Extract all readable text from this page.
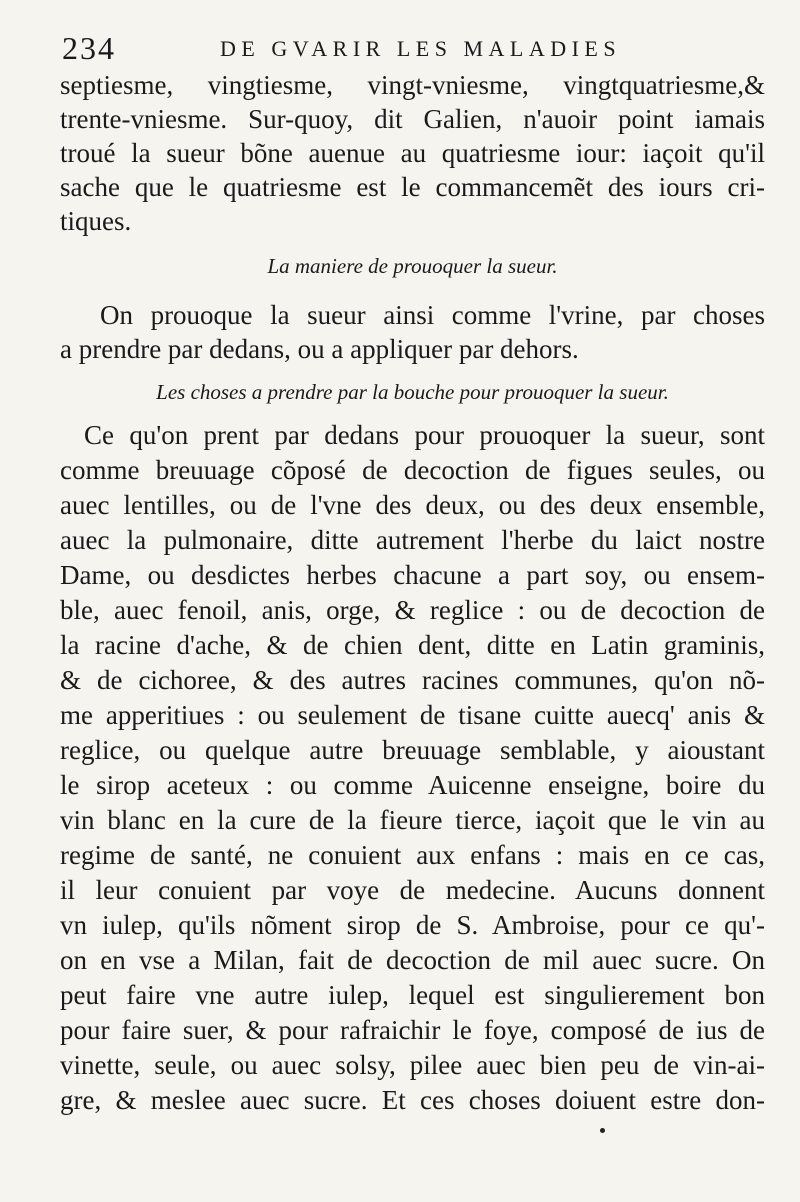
234	DE GVARIR LES MALADIES
septiesme, vingtiesme, vingt-vniesme, vingtquatriesme,&
trente-vniesme. Sur-quoy, dit Galien, n'auoir point iamais
troué la sueur bõne auenue au quatriesme iour: iaçoit qu'il
sache que le quatriesme est le commancemẽt des iours cri-
tiques.
La maniere de prouoquer la sueur.
On prouoque la sueur ainsi comme l'vrine, par choses
a prendre par dedans, ou a appliquer par dehors.
Les choses a prendre par la bouche pour prouoquer la sueur.
Ce qu'on prent par dedans pour prouoquer la sueur, sont
comme breuuage cõposé de decoction de figues seules, ou
auec lentilles, ou de l'vne des deux, ou des deux ensemble,
auec la pulmonaire, ditte autrement l'herbe du laict nostre
Dame, ou desdictes herbes chacune a part soy, ou ensem-
ble, auec fenoil, anis, orge, & reglice : ou de decoction de
la racine d'ache, & de chien dent, ditte en Latin graminis,
& de cichoree, & des autres racines communes, qu'on nõ-
me apperitiues : ou seulement de tisane cuitte auecq' anis &
reglice, ou quelque autre breuuage semblable, y aioustant
le sirop aceteux : ou comme Auicenne enseigne, boire du
vin blanc en la cure de la fieure tierce, iaçoit que le vin au
regime de santé, ne conuient aux enfans : mais en ce cas,
il leur conuient par voye de medecine. Aucuns donnent
vn iulep, qu'ils nõment sirop de S. Ambroise, pour ce qu'-
on en vse a Milan, fait de decoction de mil auec sucre. On
peut faire vne autre iulep, lequel est singulierement bon
pour faire suer, & pour rafraichir le foye, composé de ius de
vinette, seule, ou auec solsy, pilee auec bien peu de vin-ai-
gre, & meslee auec sucre. Et ces choses doiuent estre don-
